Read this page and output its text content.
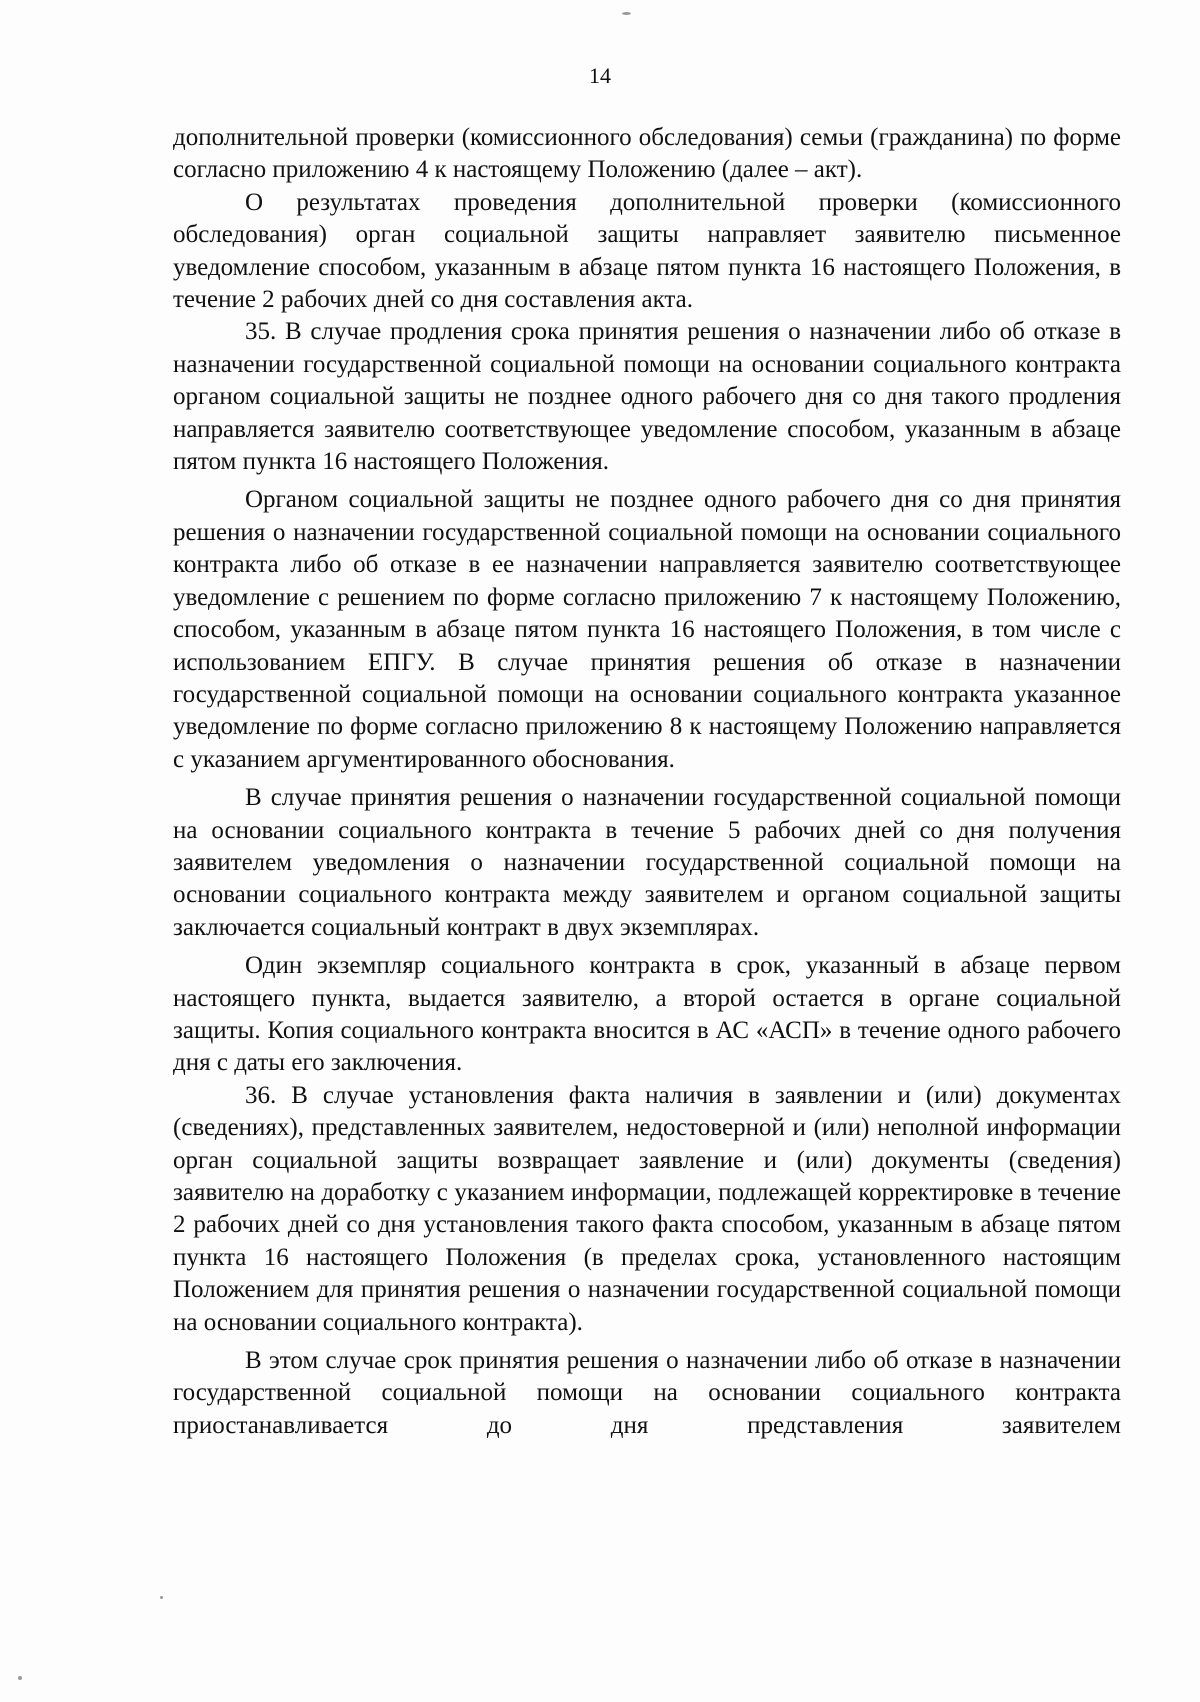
14

дополнительной проверки (комиссионного обследования) семьи (гражданина) по форме согласно приложению 4 к настоящему Положению (далее – акт).

О результатах проведения дополнительной проверки (комиссионного обследования) орган социальной защиты направляет заявителю письменное уведомление способом, указанным в абзаце пятом пункта 16 настоящего Положения, в течение 2 рабочих дней со дня составления акта.

35. В случае продления срока принятия решения о назначении либо об отказе в назначении государственной социальной помощи на основании социального контракта органом социальной защиты не позднее одного рабочего дня со дня такого продления направляется заявителю соответствующее уведомление способом, указанным в абзаце пятом пункта 16 настоящего Положения.

Органом социальной защиты не позднее одного рабочего дня со дня принятия решения о назначении государственной социальной помощи на основании социального контракта либо об отказе в ее назначении направляется заявителю соответствующее уведомление с решением по форме согласно приложению 7 к настоящему Положению, способом, указанным в абзаце пятом пункта 16 настоящего Положения, в том числе с использованием ЕПГУ. В случае принятия решения об отказе в назначении государственной социальной помощи на основании социального контракта указанное уведомление по форме согласно приложению 8 к настоящему Положению направляется с указанием аргументированного обоснования.

В случае принятия решения о назначении государственной социальной помощи на основании социального контракта в течение 5 рабочих дней со дня получения заявителем уведомления о назначении государственной социальной помощи на основании социального контракта между заявителем и органом социальной защиты заключается социальный контракт в двух экземплярах.

Один экземпляр социального контракта в срок, указанный в абзаце первом настоящего пункта, выдается заявителю, а второй остается в органе социальной защиты. Копия социального контракта вносится в АС «АСП» в течение одного рабочего дня с даты его заключения.

36. В случае установления факта наличия в заявлении и (или) документах (сведениях), представленных заявителем, недостоверной и (или) неполной информации орган социальной защиты возвращает заявление и (или) документы (сведения) заявителю на доработку с указанием информации, подлежащей корректировке в течение 2 рабочих дней со дня установления такого факта способом, указанным в абзаце пятом пункта 16 настоящего Положения (в пределах срока, установленного настоящим Положением для принятия решения о назначении государственной социальной помощи на основании социального контракта).

В этом случае срок принятия решения о назначении либо об отказе в назначении государственной социальной помощи на основании социального контракта приостанавливается до дня представления заявителем
